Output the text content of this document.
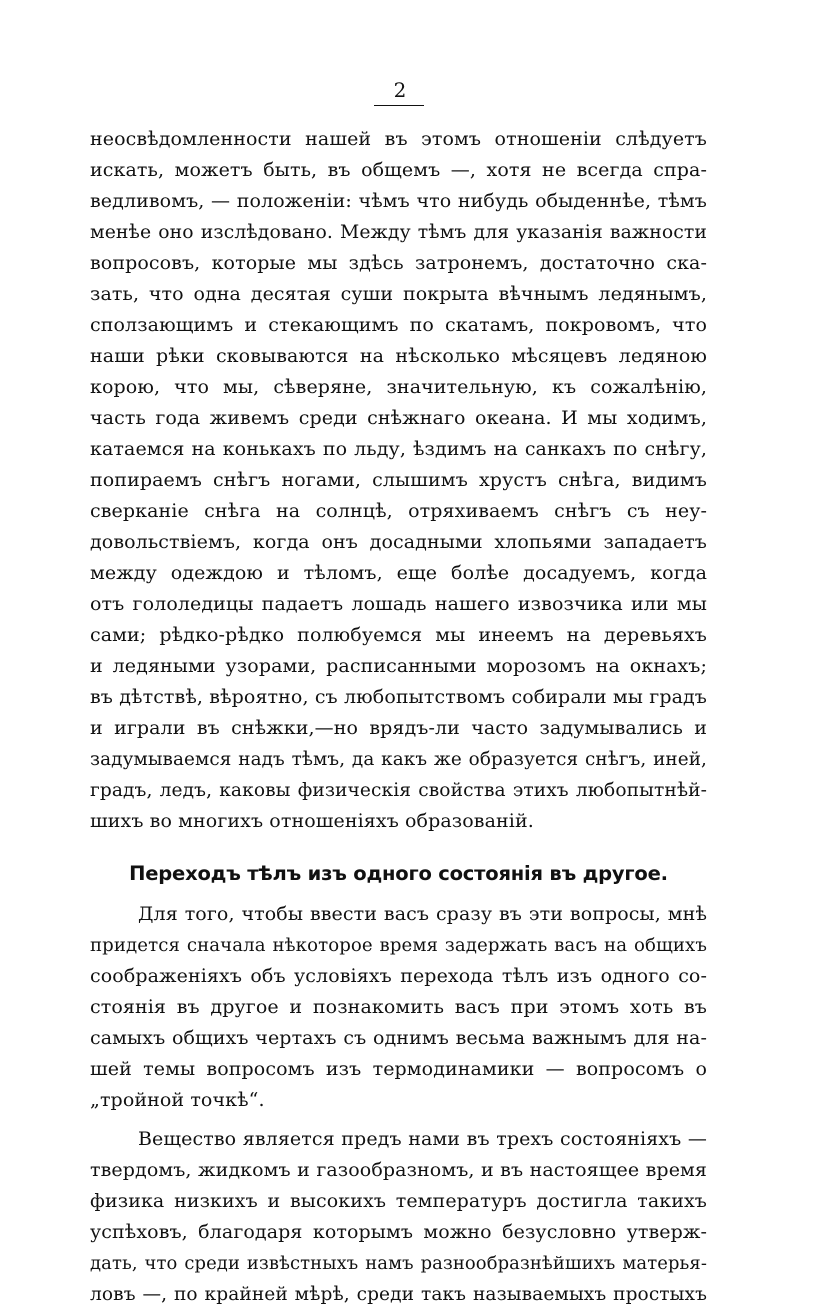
2
неосвѣдомленности нашей въ этомъ отношенiи слѣдуетъ
искать, можетъ быть, въ общемъ —, хотя не всегда спра-
ведливомъ, — положенiи: чѣмъ что нибудь обыденнѣе, тѣмъ
менѣе оно изслѣдовано. Между тѣмъ для указанiя важности
вопросовъ, которые мы здѣсь затронемъ, достаточно ска-
зать, что одна десятая суши покрыта вѣчнымъ ледянымъ,
сползающимъ и стекающимъ по скатамъ, покровомъ, что
наши рѣки сковываются на нѣсколько мѣсяцевъ ледяною
корою, что мы, сѣверяне, значительную, къ сожалѣнiю,
часть года живемъ среди снѣжнаго океана. И мы ходимъ,
катаемся на конькахъ по льду, ѣздимъ на санкахъ по снѣгу,
попираемъ снѣгъ ногами, слышимъ хрустъ снѣга, видимъ
сверканiе снѣга на солнцѣ, отряхиваемъ снѣгъ съ неу-
довольствiемъ, когда онъ досадными хлопьями западаетъ
между одеждою и тѣломъ, еще болѣе досадуемъ, когда
отъ гололедицы падаетъ лошадь нашего извозчика или мы
сами; рѣдко-рѣдко полюбуемся мы инеемъ на деревьяхъ
и ледяными узорами, расписанными морозомъ на окнахъ;
въ дѣтствѣ, вѣроятно, съ любопытствомъ собирали мы градъ
и играли въ снѣжки,—но врядъ-ли часто задумывались и
задумываемся надъ тѣмъ, да какъ же образуется снѣгъ, иней,
градъ, ледъ, каковы физическiя свойства этихъ любопытнѣй-
шихъ во многихъ отношенiяхъ образованiй.
Переходъ тѣлъ изъ одного состоянiя въ другое.
Для того, чтобы ввести васъ сразу въ эти вопросы, мнѣ
придется сначала нѣкоторое время задержать васъ на общихъ
соображенiяхъ объ условiяхъ перехода тѣлъ изъ одного со-
стоянiя въ другое и познакомить васъ при этомъ хоть въ
самыхъ общихъ чертахъ съ однимъ весьма важнымъ для на-
шей темы вопросомъ изъ термодинамики — вопросомъ о
„тройной точкѣ“.
Вещество является предъ нами въ трехъ состоянiяхъ —
твердомъ, жидкомъ и газообразномъ, и въ настоящее время
физика низкихъ и высокихъ температуръ достигла такихъ
успѣховъ, благодаря которымъ можно безусловно утверж-
дать, что среди извѣстныхъ намъ разнообразнѣйшихъ матерья-
ловъ —, по крайней мѣрѣ, среди такъ называемыхъ простыхъ
